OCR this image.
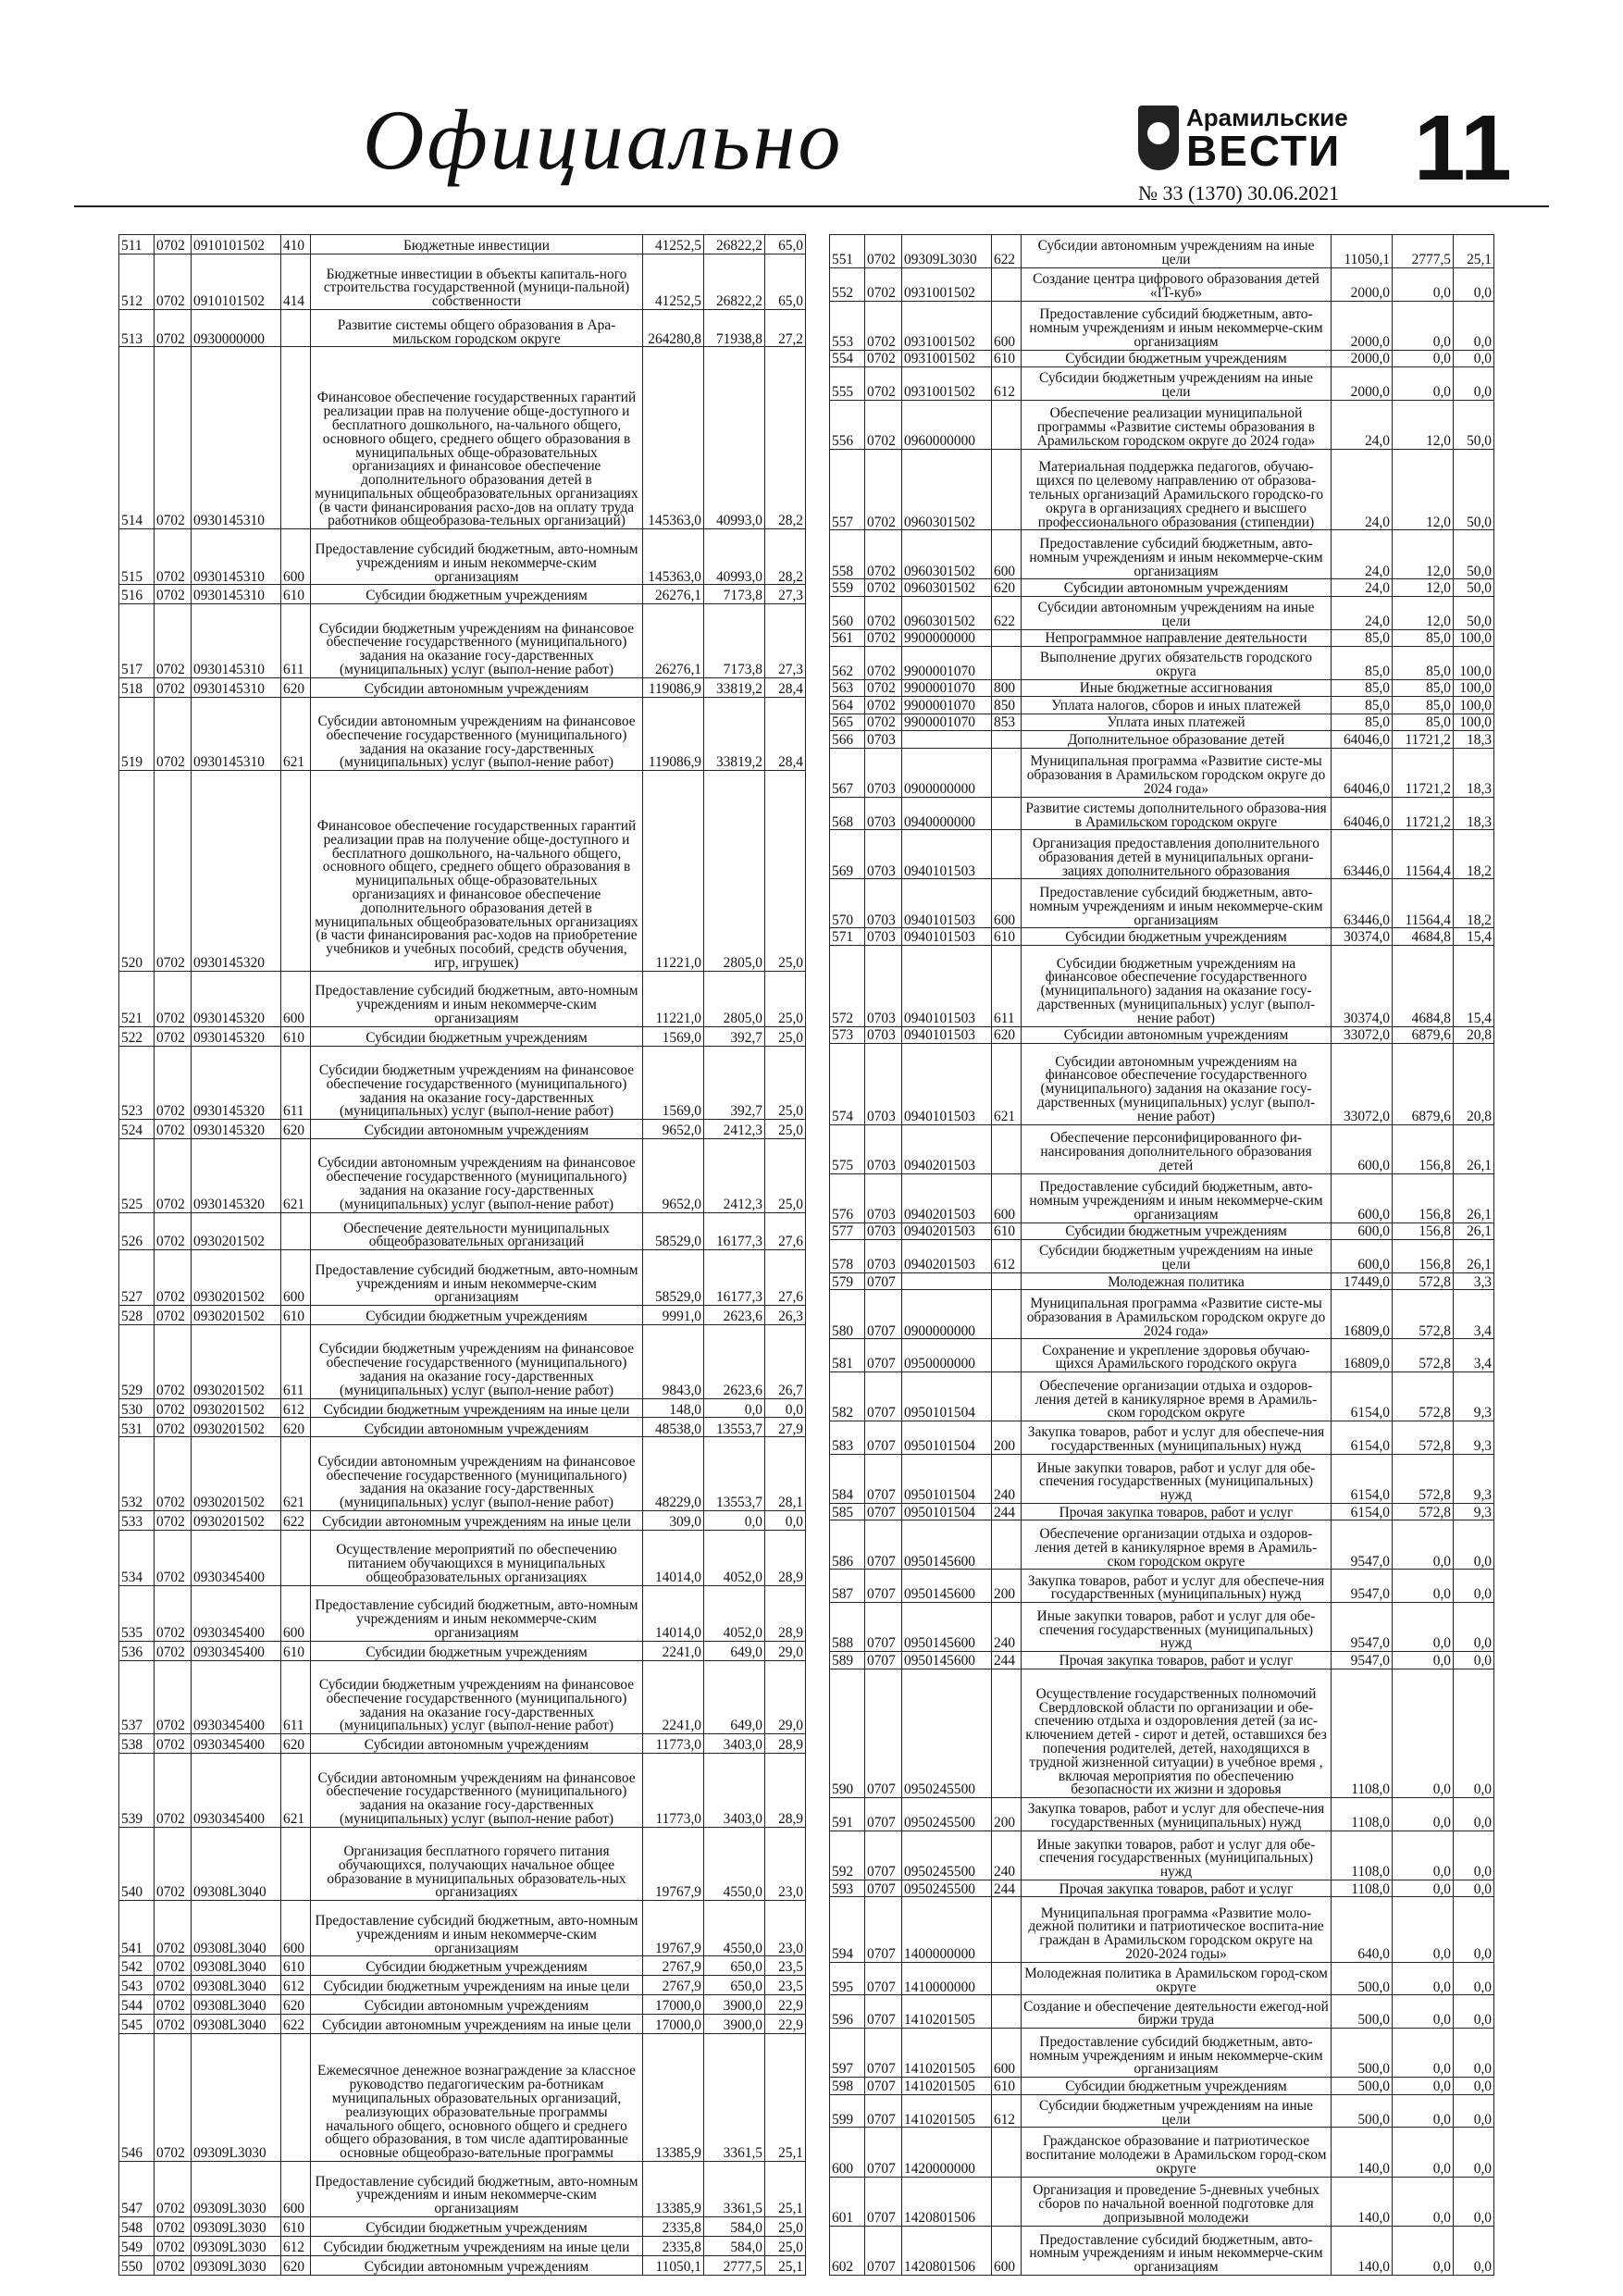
Официально	Арамильские
ВЕСТИ
№ 33 (1370) 30.06.2021 11
511	0702	0910101502	410	Бюджетные инвестиции	41252,5	26822,2	65,0
512	0702	0910101502	414	Бюджетные инвестиции в объекты капиталь-ного строительства государственной (муници-пальной) собственности	41252,5	26822,2	65,0
513	0702	0930000000		Развитие системы общего образования в Ара-мильском городском округе	264280,8	71938,8	27,2
514	0702	0930145310		Финансовое обеспечение государственных гарантий реализации прав на получение обще-доступного и бесплатного дошкольного, на-чального общего, основного общего, среднего общего образования в муниципальных обще-образовательных организациях и финансовое обеспечение дополнительного образования детей в муниципальных общеобразовательных организациях (в части финансирования расхо-дов на оплату труда работников общеобразова-тельных организаций)	145363,0	40993,0	28,2
515	0702	0930145310	600	Предоставление субсидий бюджетным, авто-номным учреждениям и иным некоммерче-ским организациям	145363,0	40993,0	28,2
516	0702	0930145310	610	Субсидии бюджетным учреждениям	26276,1	7173,8	27,3
517	0702	0930145310	611	Субсидии бюджетным учреждениям на финансовое обеспечение государственного (муниципального) задания на оказание госу-дарственных (муниципальных) услуг (выпол-нение работ)	26276,1	7173,8	27,3
518	0702	0930145310	620	Субсидии автономным учреждениям	119086,9	33819,2	28,4
519	0702	0930145310	621	Субсидии автономным учреждениям на финансовое обеспечение государственного (муниципального) задания на оказание госу-дарственных (муниципальных) услуг (выпол-нение работ)	119086,9	33819,2	28,4
520	0702	0930145320		Финансовое обеспечение государственных гарантий реализации прав на получение обще-доступного и бесплатного дошкольного, на-чального общего, основного общего, среднего общего образования в муниципальных обще-образовательных организациях и финансовое обеспечение дополнительного образования детей в муниципальных общеобразовательных организациях (в части финансирования рас-ходов на приобретение учебников и учебных пособий, средств обучения, игр, игрушек)	11221,0	2805,0	25,0
521	0702	0930145320	600	Предоставление субсидий бюджетным, авто-номным учреждениям и иным некоммерче-ским организациям	11221,0	2805,0	25,0
522	0702	0930145320	610	Субсидии бюджетным учреждениям	1569,0	392,7	25,0
523	0702	0930145320	611	Субсидии бюджетным учреждениям на финансовое обеспечение государственного (муниципального) задания на оказание госу-дарственных (муниципальных) услуг (выпол-нение работ)	1569,0	392,7	25,0
524	0702	0930145320	620	Субсидии автономным учреждениям	9652,0	2412,3	25,0
525	0702	0930145320	621	Субсидии автономным учреждениям на финансовое обеспечение государственного (муниципального) задания на оказание госу-дарственных (муниципальных) услуг (выпол-нение работ)	9652,0	2412,3	25,0
526	0702	0930201502		Обеспечение деятельности муниципальных общеобразовательных организаций	58529,0	16177,3	27,6
527	0702	0930201502	600	Предоставление субсидий бюджетным, авто-номным учреждениям и иным некоммерче-ским организациям	58529,0	16177,3	27,6
528	0702	0930201502	610	Субсидии бюджетным учреждениям	9991,0	2623,6	26,3
529	0702	0930201502	611	Субсидии бюджетным учреждениям на финансовое обеспечение государственного (муниципального) задания на оказание госу-дарственных (муниципальных) услуг (выпол-нение работ)	9843,0	2623,6	26,7
530	0702	0930201502	612	Субсидии бюджетным учреждениям на иные цели	148,0	0,0	0,0
531	0702	0930201502	620	Субсидии автономным учреждениям	48538,0	13553,7	27,9
532	0702	0930201502	621	Субсидии автономным учреждениям на финансовое обеспечение государственного (муниципального) задания на оказание госу-дарственных (муниципальных) услуг (выпол-нение работ)	48229,0	13553,7	28,1
533	0702	0930201502	622	Субсидии автономным учреждениям на иные цели	309,0	0,0	0,0
534	0702	0930345400		Осуществление мероприятий по обеспечению питанием обучающихся в муниципальных общеобразовательных организациях	14014,0	4052,0	28,9
535	0702	0930345400	600	Предоставление субсидий бюджетным, авто-номным учреждениям и иным некоммерче-ским организациям	14014,0	4052,0	28,9
536	0702	0930345400	610	Субсидии бюджетным учреждениям	2241,0	649,0	29,0
537	0702	0930345400	611	Субсидии бюджетным учреждениям на финансовое обеспечение государственного (муниципального) задания на оказание госу-дарственных (муниципальных) услуг (выпол-нение работ)	2241,0	649,0	29,0
538	0702	0930345400	620	Субсидии автономным учреждениям	11773,0	3403,0	28,9
539	0702	0930345400	621	Субсидии автономным учреждениям на финансовое обеспечение государственного (муниципального) задания на оказание госу-дарственных (муниципальных) услуг (выпол-нение работ)	11773,0	3403,0	28,9
540	0702	09308L3040		Организация бесплатного горячего питания обучающихся, получающих начальное общее образование в муниципальных образователь-ных организациях	19767,9	4550,0	23,0
541	0702	09308L3040	600	Предоставление субсидий бюджетным, авто-номным учреждениям и иным некоммерче-ским организациям	19767,9	4550,0	23,0
542	0702	09308L3040	610	Субсидии бюджетным учреждениям	2767,9	650,0	23,5
543	0702	09308L3040	612	Субсидии бюджетным учреждениям на иные цели	2767,9	650,0	23,5
544	0702	09308L3040	620	Субсидии автономным учреждениям	17000,0	3900,0	22,9
545	0702	09308L3040	622	Субсидии автономным учреждениям на иные цели	17000,0	3900,0	22,9
546	0702	09309L3030		Ежемесячное денежное вознаграждение за классное руководство педагогическим ра-ботникам муниципальных образовательных организаций, реализующих образовательные программы начального общего, основного общего и среднего общего образования, в том числе адаптированные основные общеобразо-вательные программы	13385,9	3361,5	25,1
547	0702	09309L3030	600	Предоставление субсидий бюджетным, авто-номным учреждениям и иным некоммерче-ским организациям	13385,9	3361,5	25,1
548	0702	09309L3030	610	Субсидии бюджетным учреждениям	2335,8	584,0	25,0
549	0702	09309L3030	612	Субсидии бюджетным учреждениям на иные цели	2335,8	584,0	25,0
550	0702	09309L3030	620	Субсидии автономным учреждениям	11050,1	2777,5	25,1
551	0702	09309L3030	622	Субсидии автономным учреждениям на иные цели	11050,1	2777,5	25,1
552	0702	0931001502		Создание центра цифрового образования детей «IT-куб»	2000,0	0,0	0,0
553	0702	0931001502	600	Предоставление субсидий бюджетным, авто-номным учреждениям и иным некоммерче-ским организациям	2000,0	0,0	0,0
554	0702	0931001502	610	Субсидии бюджетным учреждениям	2000,0	0,0	0,0
555	0702	0931001502	612	Субсидии бюджетным учреждениям на иные цели	2000,0	0,0	0,0
556	0702	0960000000		Обеспечение реализации муниципальной программы «Развитие системы образования в Арамильском городском округе до 2024 года»	24,0	12,0	50,0
557	0702	0960301502		Материальная поддержка педагогов, обучаю-щихся по целевому направлению от образова-тельных организаций Арамильского городско-го округа в организациях среднего и высшего профессионального образования (стипендии)	24,0	12,0	50,0
558	0702	0960301502	600	Предоставление субсидий бюджетным, авто-номным учреждениям и иным некоммерче-ским организациям	24,0	12,0	50,0
559	0702	0960301502	620	Субсидии автономным учреждениям	24,0	12,0	50,0
560	0702	0960301502	622	Субсидии автономным учреждениям на иные цели	24,0	12,0	50,0
561	0702	9900000000		Непрограммное направление деятельности	85,0	85,0	100,0
562	0702	9900001070		Выполнение других обязательств городского округа	85,0	85,0	100,0
563	0702	9900001070	800	Иные бюджетные ассигнования	85,0	85,0	100,0
564	0702	9900001070	850	Уплата налогов, сборов и иных платежей	85,0	85,0	100,0
565	0702	9900001070	853	Уплата иных платежей	85,0	85,0	100,0
566	0703			Дополнительное образование детей	64046,0	11721,2	18,3
567	0703	0900000000		Муниципальная программа «Развитие систе-мы образования в Арамильском городском округе до 2024 года»	64046,0	11721,2	18,3
568	0703	0940000000		Развитие системы дополнительного образова-ния в Арамильском городском округе	64046,0	11721,2	18,3
569	0703	0940101503		Организация предоставления дополнительного образования детей в муниципальных органи-зациях дополнительного образования	63446,0	11564,4	18,2
570	0703	0940101503	600	Предоставление субсидий бюджетным, авто-номным учреждениям и иным некоммерче-ским организациям	63446,0	11564,4	18,2
571	0703	0940101503	610	Субсидии бюджетным учреждениям	30374,0	4684,8	15,4
572	0703	0940101503	611	Субсидии бюджетным учреждениям на финансовое обеспечение государственного (муниципального) задания на оказание госу-дарственных (муниципальных) услуг (выпол-нение работ)	30374,0	4684,8	15,4
573	0703	0940101503	620	Субсидии автономным учреждениям	33072,0	6879,6	20,8
574	0703	0940101503	621	Субсидии автономным учреждениям на финансовое обеспечение государственного (муниципального) задания на оказание госу-дарственных (муниципальных) услуг (выпол-нение работ)	33072,0	6879,6	20,8
575	0703	0940201503		Обеспечение персонифицированного фи-нансирования дополнительного образования детей	600,0	156,8	26,1
576	0703	0940201503	600	Предоставление субсидий бюджетным, авто-номным учреждениям и иным некоммерче-ским организациям	600,0	156,8	26,1
577	0703	0940201503	610	Субсидии бюджетным учреждениям	600,0	156,8	26,1
578	0703	0940201503	612	Субсидии бюджетным учреждениям на иные цели	600,0	156,8	26,1
579	0707			Молодежная политика	17449,0	572,8	3,3
580	0707	0900000000		Муниципальная программа «Развитие систе-мы образования в Арамильском городском округе до 2024 года»	16809,0	572,8	3,4
581	0707	0950000000		Сохранение и укрепление здоровья обучаю-щихся Арамильского городского округа	16809,0	572,8	3,4
582	0707	0950101504		Обеспечение организации отдыха и оздоров-ления детей в каникулярное время в Арамиль-ском городском округе	6154,0	572,8	9,3
583	0707	0950101504	200	Закупка товаров, работ и услуг для обеспече-ния государственных (муниципальных) нужд	6154,0	572,8	9,3
584	0707	0950101504	240	Иные закупки товаров, работ и услуг для обе-спечения государственных (муниципальных) нужд	6154,0	572,8	9,3
585	0707	0950101504	244	Прочая закупка товаров, работ и услуг	6154,0	572,8	9,3
586	0707	0950145600		Обеспечение организации отдыха и оздоров-ления детей в каникулярное время в Арамиль-ском городском округе	9547,0	0,0	0,0
587	0707	0950145600	200	Закупка товаров, работ и услуг для обеспече-ния государственных (муниципальных) нужд	9547,0	0,0	0,0
588	0707	0950145600	240	Иные закупки товаров, работ и услуг для обе-спечения государственных (муниципальных) нужд	9547,0	0,0	0,0
589	0707	0950145600	244	Прочая закупка товаров, работ и услуг	9547,0	0,0	0,0
590	0707	0950245500		Осуществление государственных полномочий Свердловской области по организации и обе-спечению отдыха и оздоровления детей (за ис-ключением детей - сирот и детей, оставшихся без попечения родителей, детей, находящихся в трудной жизненной ситуации) в учебное время , включая мероприятия по обеспечению безопасности их жизни и здоровья	1108,0	0,0	0,0
591	0707	0950245500	200	Закупка товаров, работ и услуг для обеспече-ния государственных (муниципальных) нужд	1108,0	0,0	0,0
592	0707	0950245500	240	Иные закупки товаров, работ и услуг для обе-спечения государственных (муниципальных) нужд	1108,0	0,0	0,0
593	0707	0950245500	244	Прочая закупка товаров, работ и услуг	1108,0	0,0	0,0
594	0707	1400000000		Муниципальная программа «Развитие моло-дежной политики и патриотическое воспита-ние граждан в Арамильском городском округе на 2020-2024 годы»	640,0	0,0	0,0
595	0707	1410000000		Молодежная политика в Арамильском город-ском округе	500,0	0,0	0,0
596	0707	1410201505		Создание и обеспечение деятельности ежегод-ной биржи труда	500,0	0,0	0,0
597	0707	1410201505	600	Предоставление субсидий бюджетным, авто-номным учреждениям и иным некоммерче-ским организациям	500,0	0,0	0,0
598	0707	1410201505	610	Субсидии бюджетным учреждениям	500,0	0,0	0,0
599	0707	1410201505	612	Субсидии бюджетным учреждениям на иные цели	500,0	0,0	0,0
600	0707	1420000000		Гражданское образование и патриотическое воспитание молодежи в Арамильском город-ском округе	140,0	0,0	0,0
601	0707	1420801506		Организация и проведение 5-дневных учебных сборов по начальной военной подготовке для допризывной молодежи	140,0	0,0	0,0
602	0707	1420801506	600	Предоставление субсидий бюджетным, авто-номным учреждениям и иным некоммерче-ским организациям	140,0	0,0	0,0
